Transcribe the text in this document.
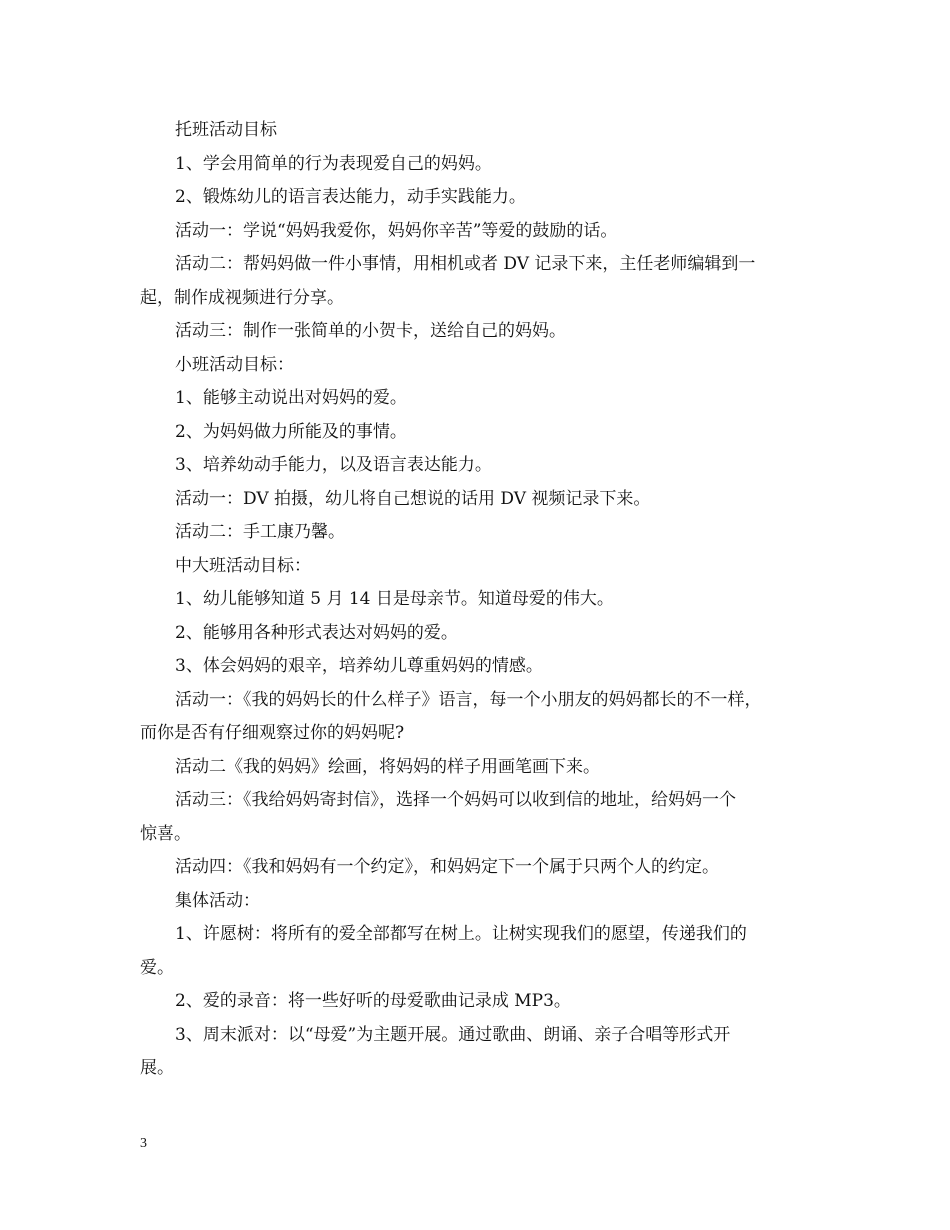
托班活动目标
1、学会用简单的行为表现爱自己的妈妈。
2、锻炼幼儿的语言表达能力，动手实践能力。
活动一：学说“妈妈我爱你，妈妈你辛苦”等爱的鼓励的话。
活动二：帮妈妈做一件小事情，用相机或者 DV 记录下来，主任老师编辑到一
起，制作成视频进行分享。
活动三：制作一张简单的小贺卡，送给自己的妈妈。
小班活动目标：
1、能够主动说出对妈妈的爱。
2、为妈妈做力所能及的事情。
3、培养幼动手能力，以及语言表达能力。
活动一：DV 拍摄，幼儿将自己想说的话用 DV 视频记录下来。
活动二：手工康乃馨。
中大班活动目标：
1、幼儿能够知道 5 月 14 日是母亲节。知道母爱的伟大。
2、能够用各种形式表达对妈妈的爱。
3、体会妈妈的艰辛，培养幼儿尊重妈妈的情感。
活动一：《我的妈妈长的什么样子》语言，每一个小朋友的妈妈都长的不一样，
而你是否有仔细观察过你的妈妈呢?
活动二《我的妈妈》绘画，将妈妈的样子用画笔画下来。
活动三：《我给妈妈寄封信》，选择一个妈妈可以收到信的地址，给妈妈一个
惊喜。
活动四：《我和妈妈有一个约定》，和妈妈定下一个属于只两个人的约定。
集体活动：
1、许愿树：将所有的爱全部都写在树上。让树实现我们的愿望，传递我们的
爱。
2、爱的录音：将一些好听的母爱歌曲记录成 MP3。
3、周末派对：以“母爱”为主题开展。通过歌曲、朗诵、亲子合唱等形式开
展。
3
